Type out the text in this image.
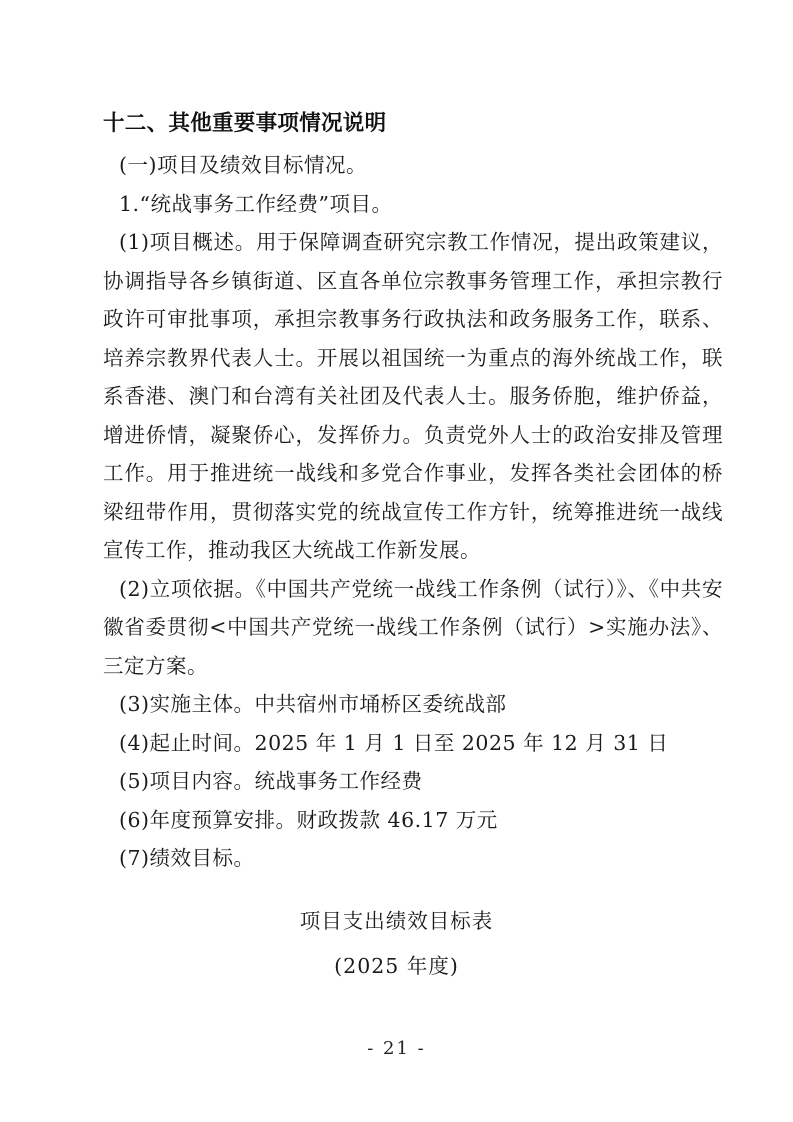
十二、其他重要事项情况说明
(一)项目及绩效目标情况。
1.“统战事务工作经费”项目。
(1)项目概述。用于保障调查研究宗教工作情况，提出政策建议，协调指导各乡镇街道、区直各单位宗教事务管理工作，承担宗教行政许可审批事项，承担宗教事务行政执法和政务服务工作，联系、培养宗教界代表人士。开展以祖国统一为重点的海外统战工作，联系香港、澳门和台湾有关社团及代表人士。服务侨胞，维护侨益，增进侨情，凝聚侨心，发挥侨力。负责党外人士的政治安排及管理工作。用于推进统一战线和多党合作事业，发挥各类社会团体的桥梁纽带作用，贯彻落实党的统战宣传工作方针，统筹推进统一战线宣传工作，推动我区大统战工作新发展。
(2)立项依据。《中国共产党统一战线工作条例（试行）》、《中共安徽省委贯彻<中国共产党统一战线工作条例（试行）>实施办法》、三定方案。
(3)实施主体。中共宿州市埇桥区委统战部
(4)起止时间。2025 年 1 月 1 日至 2025 年 12 月 31 日
(5)项目内容。统战事务工作经费
(6)年度预算安排。财政拨款 46.17 万元
(7)绩效目标。
项目支出绩效目标表
(2025 年度)
- 21 -
